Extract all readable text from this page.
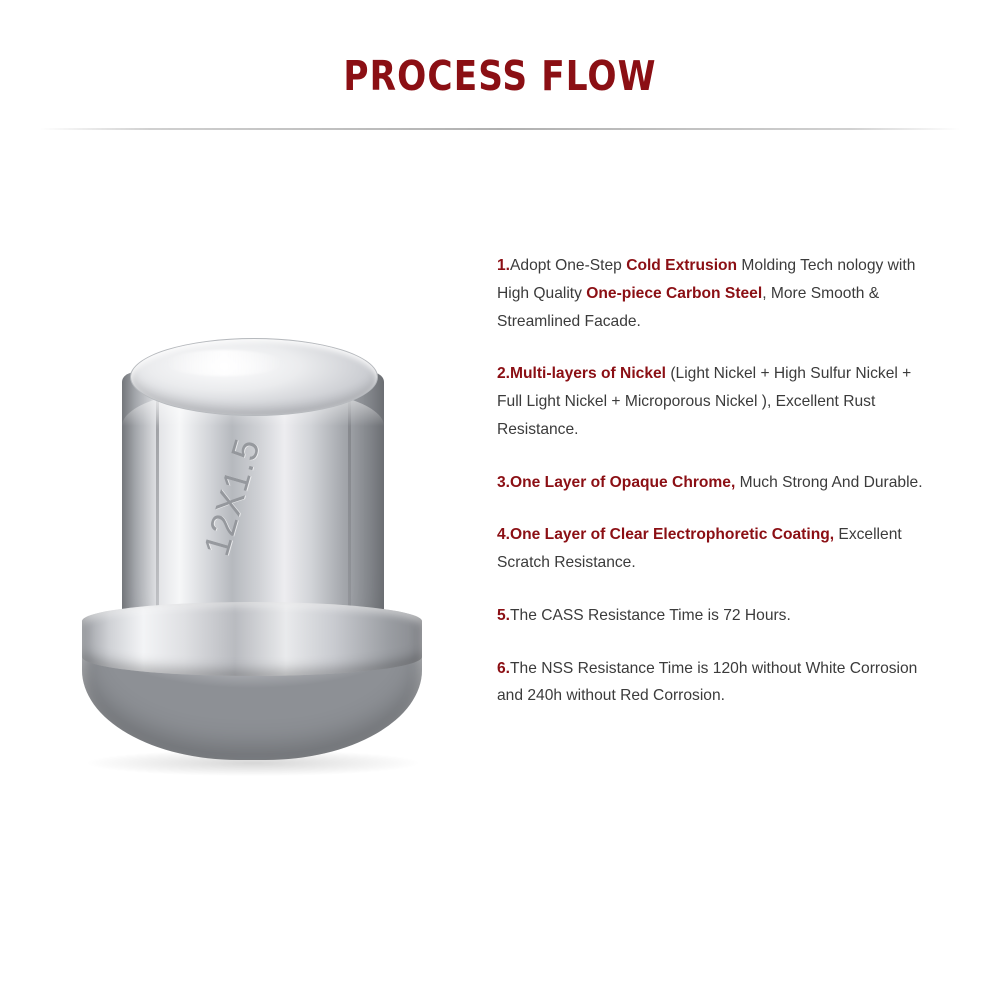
PROCESS FLOW
12X1.5
1.Adopt One-Step Cold Extrusion Molding Tech nology with High Quality One-piece Carbon Steel, More Smooth & Streamlined Facade.
2.Multi-layers of Nickel (Light Nickel + High Sulfur Nickel + Full Light Nickel + Microporous Nickel ), Excellent Rust Resistance.
3.One Layer of Opaque Chrome, Much Strong And Durable.
4.One Layer of Clear Electrophoretic Coating, Excellent Scratch Resistance.
5.The CASS Resistance Time is 72 Hours.
6.The NSS Resistance Time is 120h without White Corrosion and 240h without Red Corrosion.
